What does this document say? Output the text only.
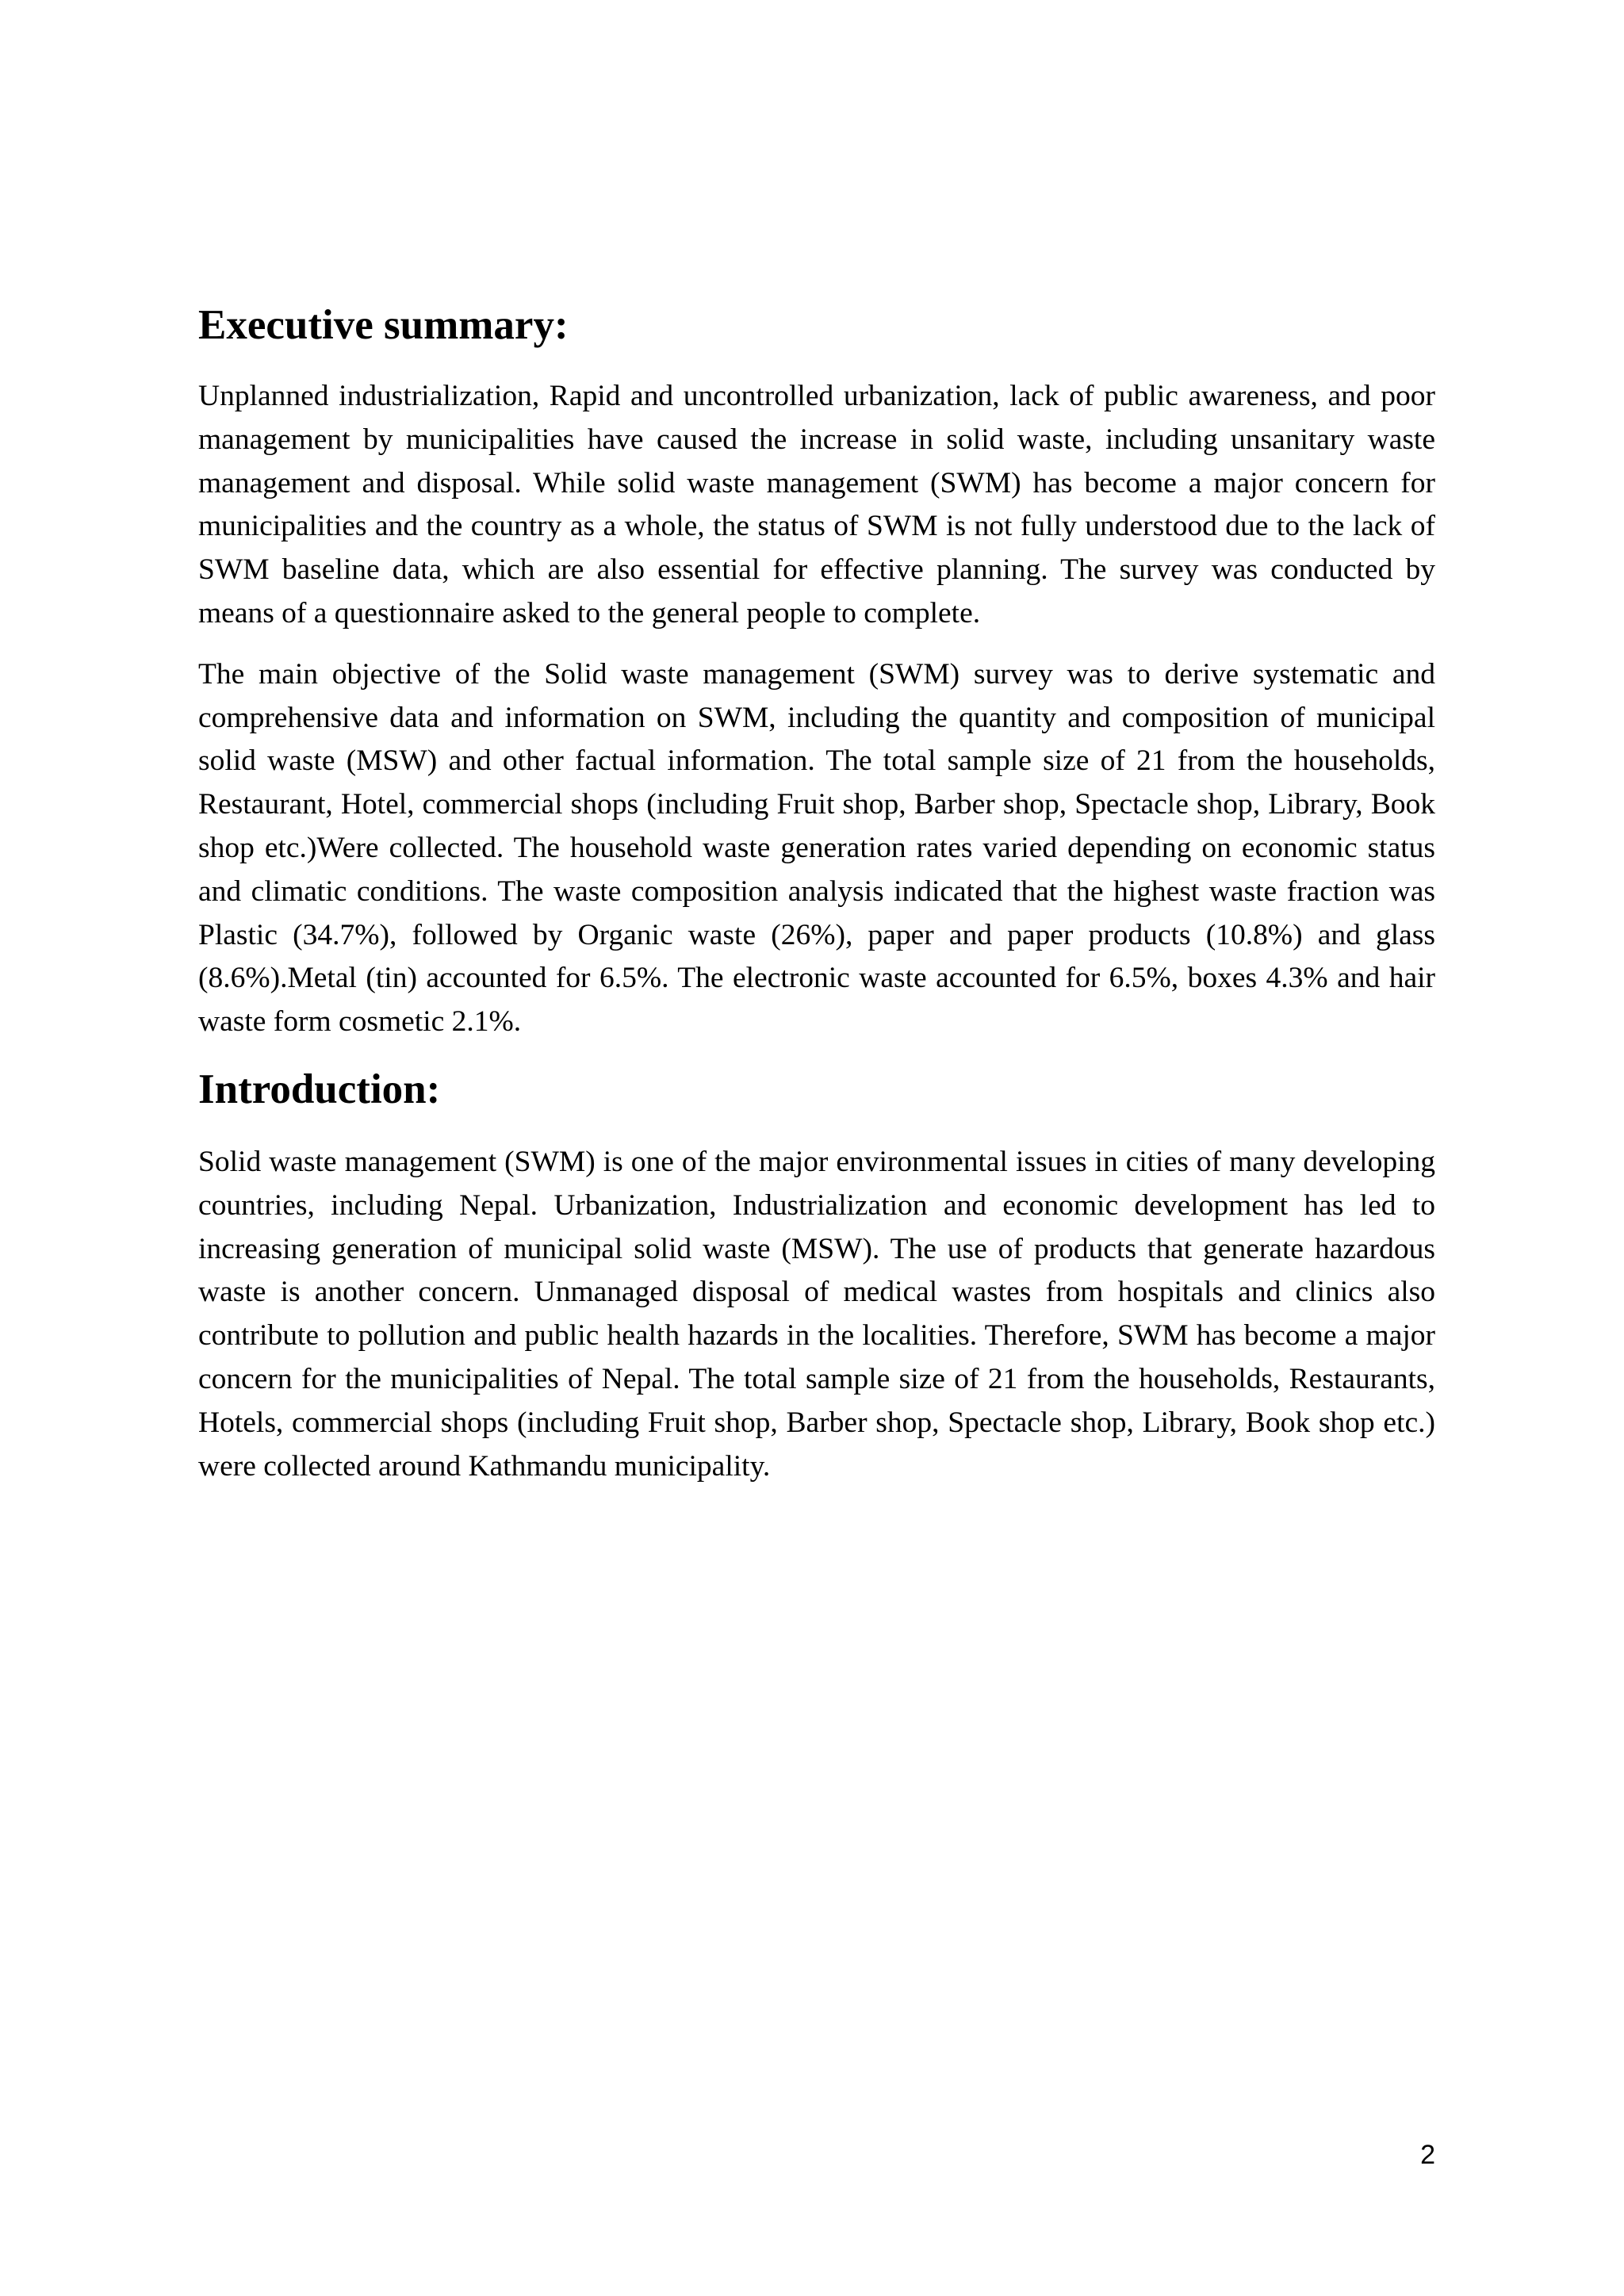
Executive summary:

Unplanned industrialization, Rapid and uncontrolled urbanization, lack of public awareness, and poor management by municipalities have caused the increase in solid waste, including unsanitary waste management and disposal. While solid waste management (SWM) has become a major concern for municipalities and the country as a whole, the status of SWM is not fully understood due to the lack of SWM baseline data, which are also essential for effective planning. The survey was conducted by means of a questionnaire asked to the general people to complete.

The main objective of the Solid waste management (SWM) survey was to derive systematic and comprehensive data and information on SWM, including the quantity and composition of municipal solid waste (MSW) and other factual information. The total sample size of 21 from the households, Restaurant, Hotel, commercial shops (including Fruit shop, Barber shop, Spectacle shop, Library, Book shop etc.)Were collected. The household waste generation rates varied depending on economic status and climatic conditions. The waste composition analysis indicated that the highest waste fraction was Plastic (34.7%), followed by Organic waste (26%), paper and paper products (10.8%) and glass (8.6%).Metal (tin) accounted for 6.5%. The electronic waste accounted for 6.5%, boxes 4.3% and hair waste form cosmetic 2.1%.

Introduction:

Solid waste management (SWM) is one of the major environmental issues in cities of many developing countries, including Nepal. Urbanization, Industrialization and economic development has led to increasing generation of municipal solid waste (MSW). The use of products that generate hazardous waste is another concern. Unmanaged disposal of medical wastes from hospitals and clinics also contribute to pollution and public health hazards in the localities. Therefore, SWM has become a major concern for the municipalities of Nepal. The total sample size of 21 from the households, Restaurants, Hotels, commercial shops (including Fruit shop, Barber shop, Spectacle shop, Library, Book shop etc.) were collected around Kathmandu municipality.

2
